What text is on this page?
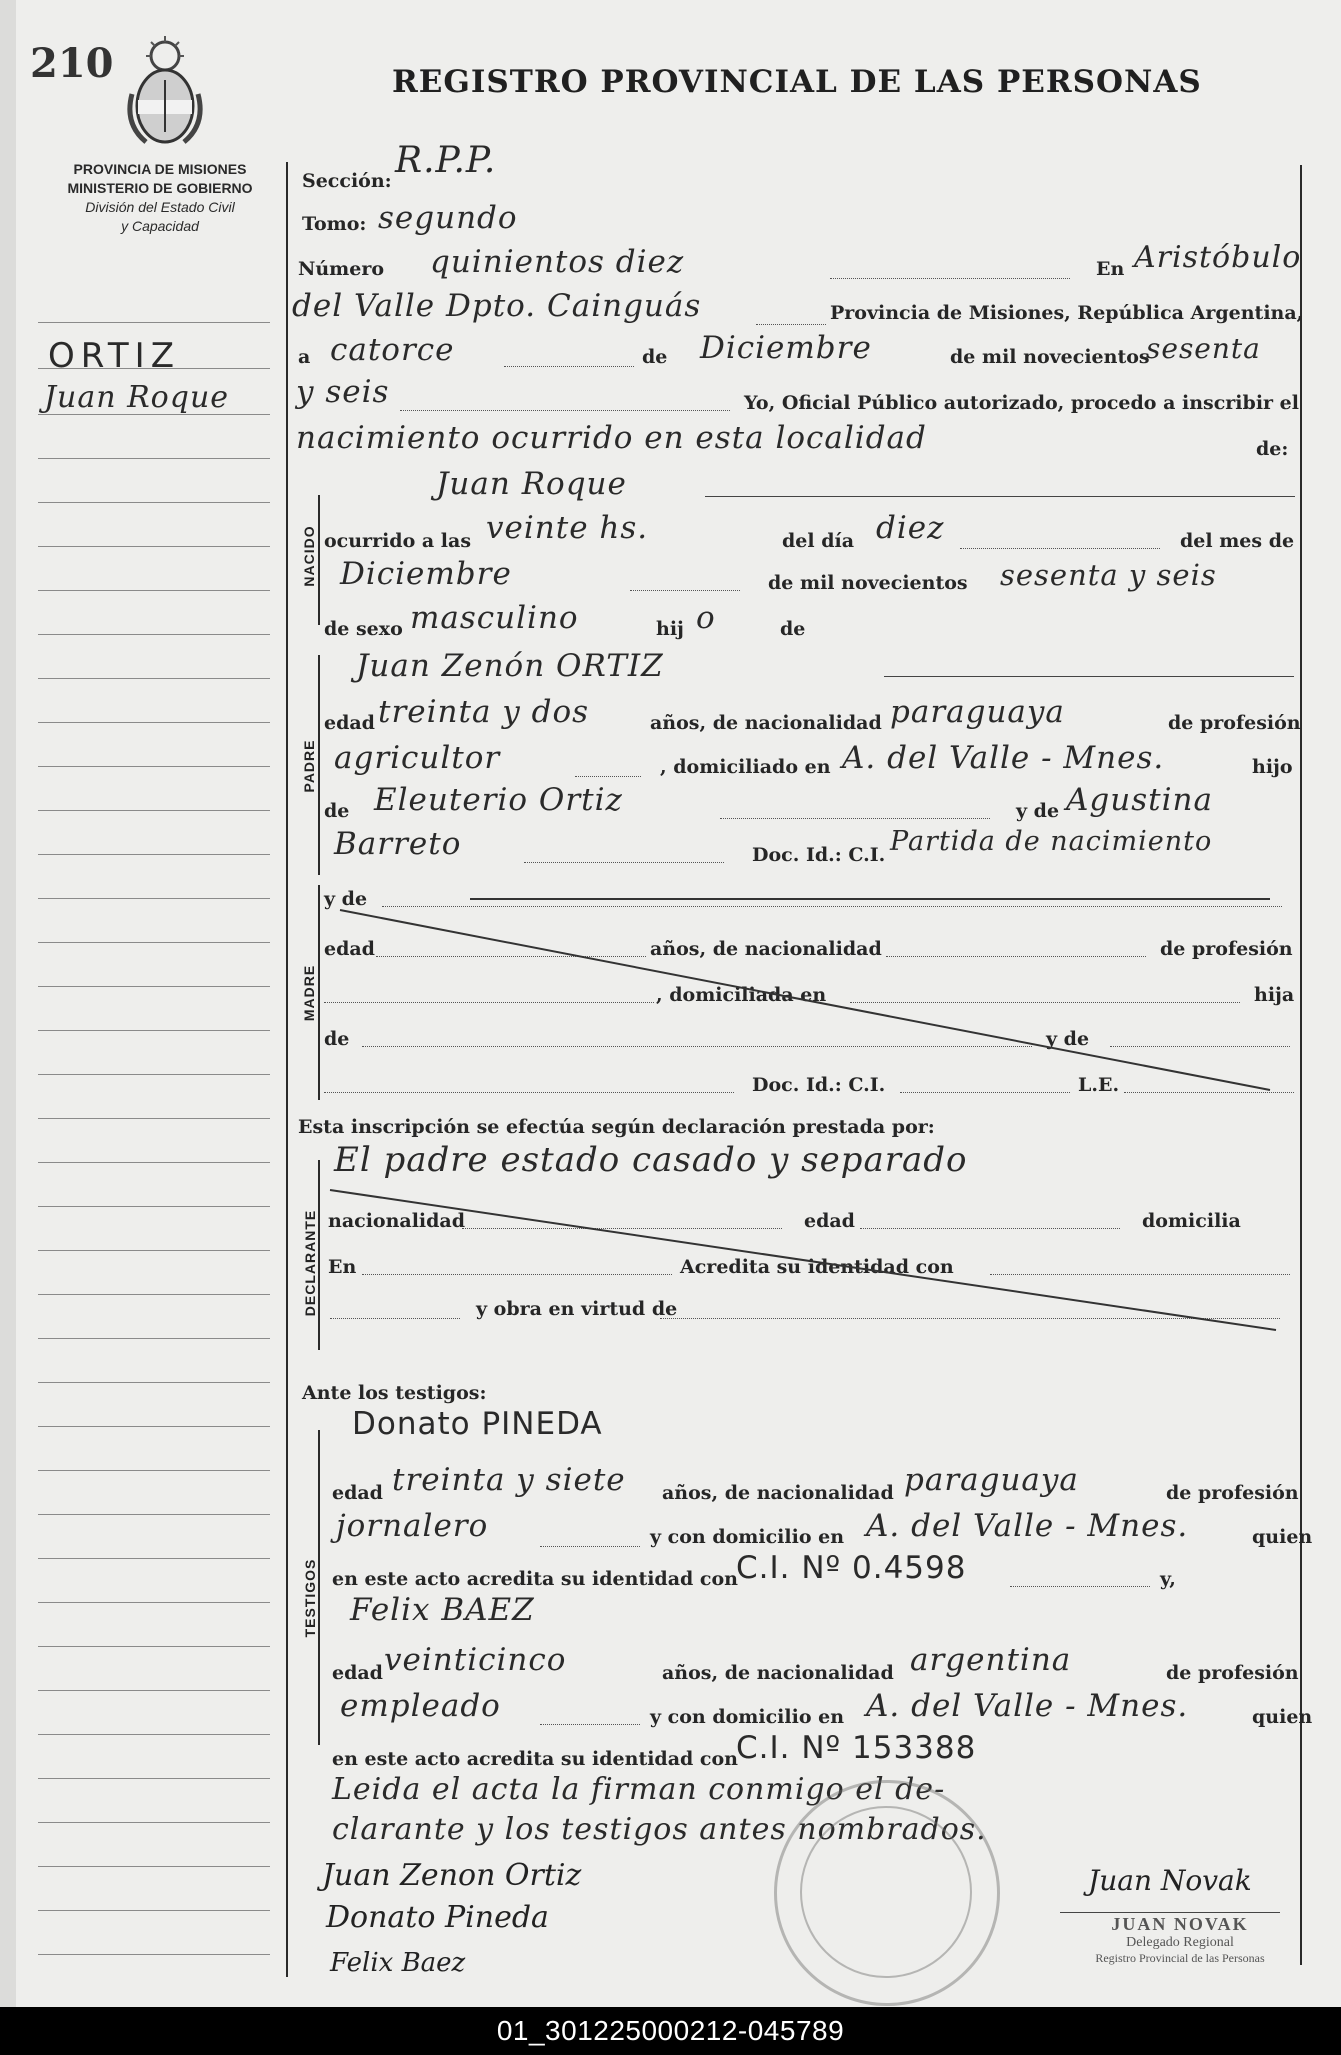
210
PROVINCIA DE MISIONES
MINISTERIO DE GOBIERNO
División del Estado Civil
y Capacidad
REGISTRO PROVINCIAL DE LAS PERSONAS
ORTIZ
Juan Roque
NACIDO
PADRE
MADRE
DECLARANTE
TESTIGOS
Sección: R.P.P.
Tomo: segundo
Número quinientos diez	En Aristóbulo
del Valle Dpto. Cainguás	Provincia de Misiones, República Argentina,
a catorce	de Diciembre	de mil novecientos
sesenta
y seis	Yo, Oficial Público autorizado, procedo a inscribir el
nacimiento ocurrido en esta localidad	de:
Juan Roque
ocurrido a las veinte hs.	del día diez	del mes de
Diciembre	de mil novecientos sesenta y seis
de sexo masculino	hij o	de
Juan Zenón ORTIZ
edad treinta y dos	años, de nacionalidad paraguaya	de profesión
agricultor	, domiciliado en A. del Valle - Mnes.	hijo
de Eleuterio Ortiz	y de Agustina
Barreto	Doc. Id.: C.I. Partida de nacimiento
y de
edad	años, de nacionalidad	de profesión
, domiciliada en	hija
de	y de
Doc. Id.: C.I.	L.E.
Esta inscripción se efectúa según declaración prestada por:
El padre estado casado y separado
nacionalidad	edad	domicilia
En	Acredita su identidad con
y obra en virtud de
Ante los testigos:
Donato PINEDA
edad treinta y siete años, de nacionalidad paraguaya	de profesión
jornalero	y con domicilio en A. del Valle - Mnes.	quien
en este acto acredita su identidad con
C.I. Nº 0.4598	y,
Felix BAEZ
edad veinticinco	años, de nacionalidad argentina	de profesión
empleado	y con domicilio en A. del Valle - Mnes.	quien
en este acto acredita su identidad con
C.I. Nº 153388
Leida el acta la firman conmigo el de-
clarante y los testigos antes nombrados.
Juan Zenon Ortiz
Donato Pineda
Felix Baez
Juan Novak
JUAN NOVAK
Delegado Regional
Registro Provincial de las Personas
01_301225000212-045789
